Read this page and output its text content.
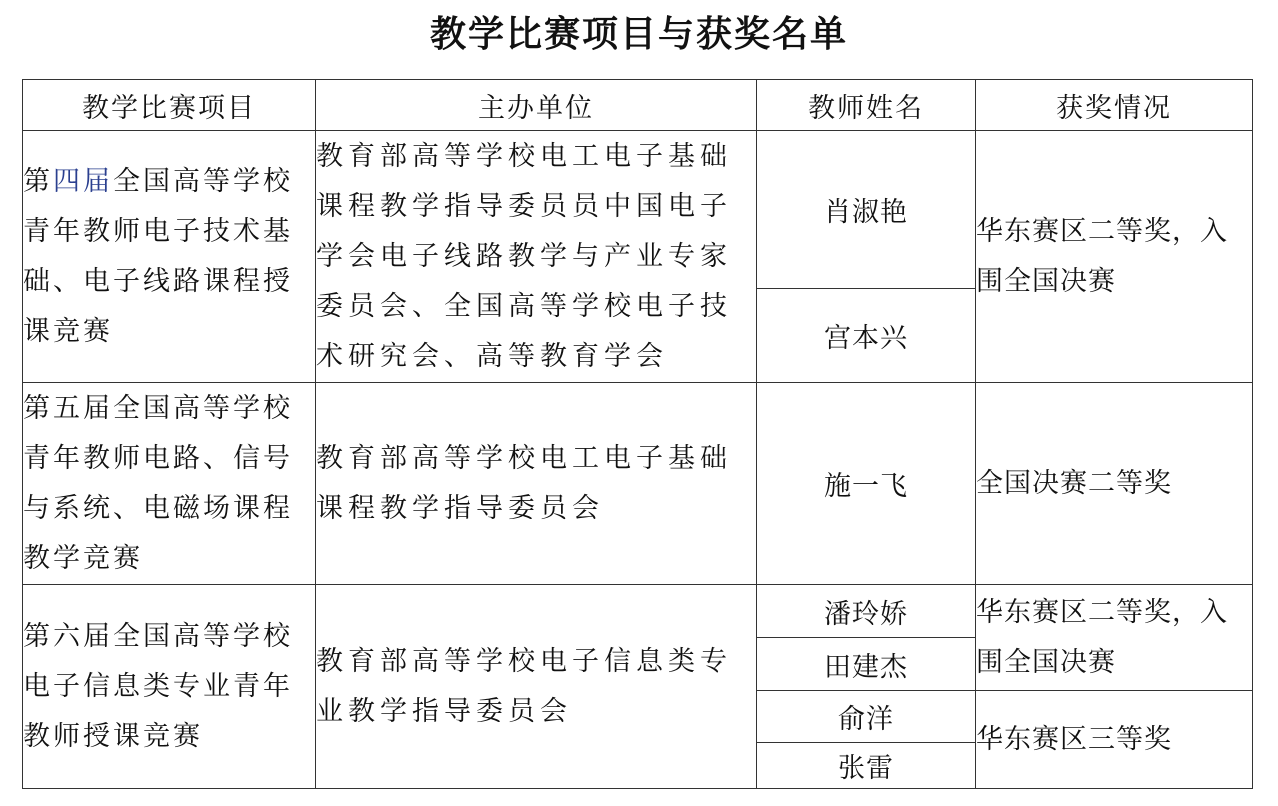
教学比赛项目与获奖名单
教学比赛项目	主办单位	教师姓名	获奖情况
第四届全国高等学校青年教师电子技术基础、电子线路课程授课竞赛	教育部高等学校电工电子基础课程教学指导委员员中国电子学会电子线路教学与产业专家委员会、全国高等学校电子技术研究会、高等教育学会	肖淑艳	华东赛区二等奖，入围全国决赛
		宫本兴	
第五届全国高等学校青年教师电路、信号与系统、电磁场课程教学竞赛	教育部高等学校电工电子基础课程教学指导委员会	施一飞	全国决赛二等奖
第六届全国高等学校电子信息类专业青年教师授课竞赛	教育部高等学校电子信息类专业教学指导委员会	潘玲娇	华东赛区二等奖，入围全国决赛
		田建杰	
		俞洋	华东赛区三等奖
		张雷	
